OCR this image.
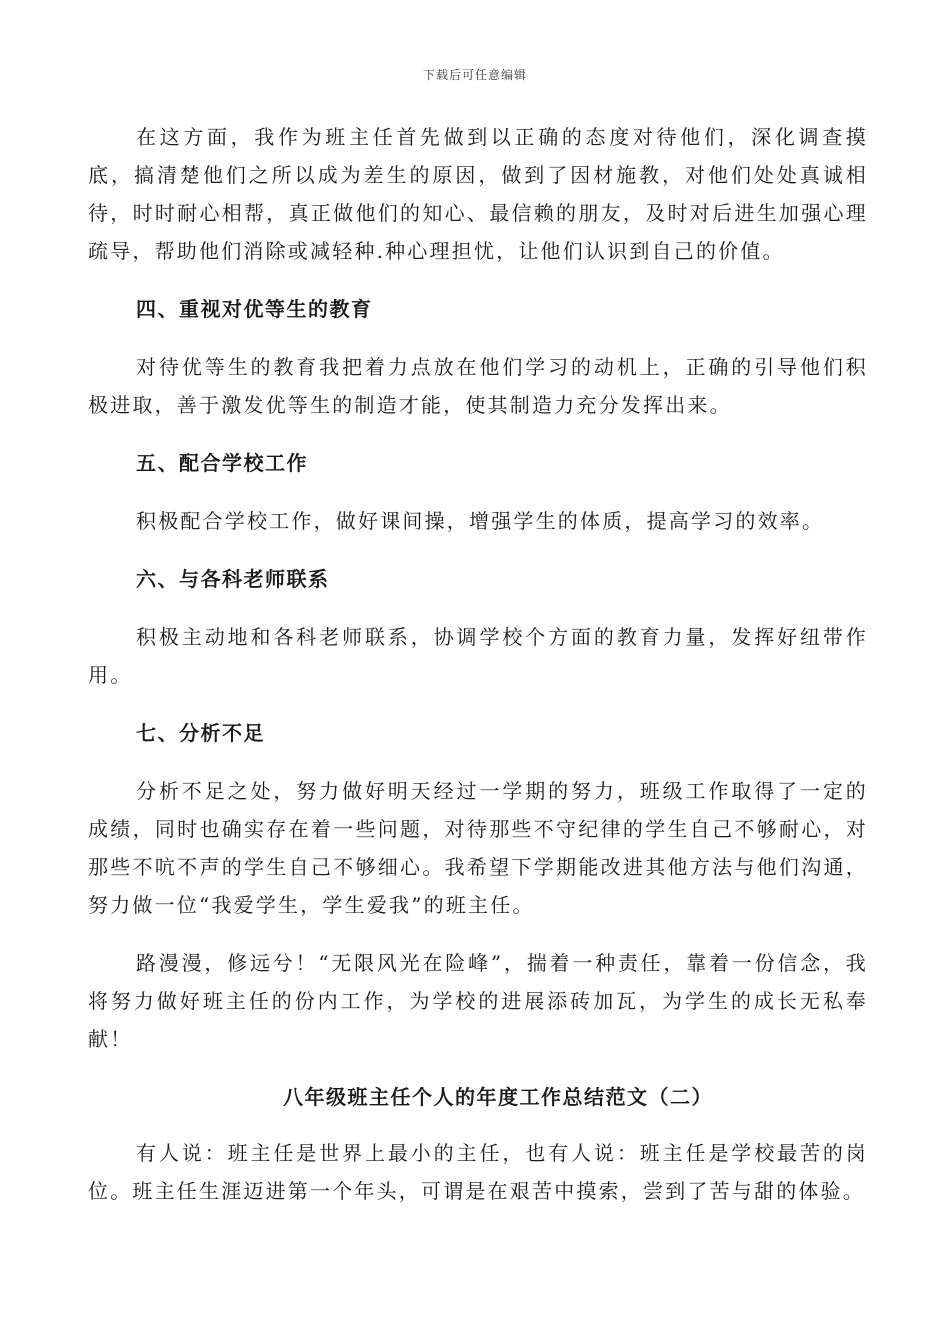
下载后可任意编辑

在这方面，我作为班主任首先做到以正确的态度对待他们，深化调查摸底，搞清楚他们之所以成为差生的原因，做到了因材施教，对他们处处真诚相待，时时耐心相帮，真正做他们的知心、最信赖的朋友，及时对后进生加强心理疏导，帮助他们消除或减轻种.种心理担忧，让他们认识到自己的价值。

四、重视对优等生的教育

对待优等生的教育我把着力点放在他们学习的动机上，正确的引导他们积极进取，善于激发优等生的制造才能，使其制造力充分发挥出来。

五、配合学校工作

积极配合学校工作，做好课间操，增强学生的体质，提高学习的效率。

六、与各科老师联系

积极主动地和各科老师联系，协调学校个方面的教育力量，发挥好纽带作用。

七、分析不足

分析不足之处，努力做好明天经过一学期的努力，班级工作取得了一定的成绩，同时也确实存在着一些问题，对待那些不守纪律的学生自己不够耐心，对那些不吭不声的学生自己不够细心。我希望下学期能改进其他方法与他们沟通，努力做一位“我爱学生，学生爱我”的班主任。

路漫漫，修远兮！“无限风光在险峰”，揣着一种责任，靠着一份信念，我将努力做好班主任的份内工作，为学校的进展添砖加瓦，为学生的成长无私奉献！

八年级班主任个人的年度工作总结范文（二）

有人说：班主任是世界上最小的主任，也有人说：班主任是学校最苦的岗位。班主任生涯迈进第一个年头，可谓是在艰苦中摸索，尝到了苦与甜的体验。
